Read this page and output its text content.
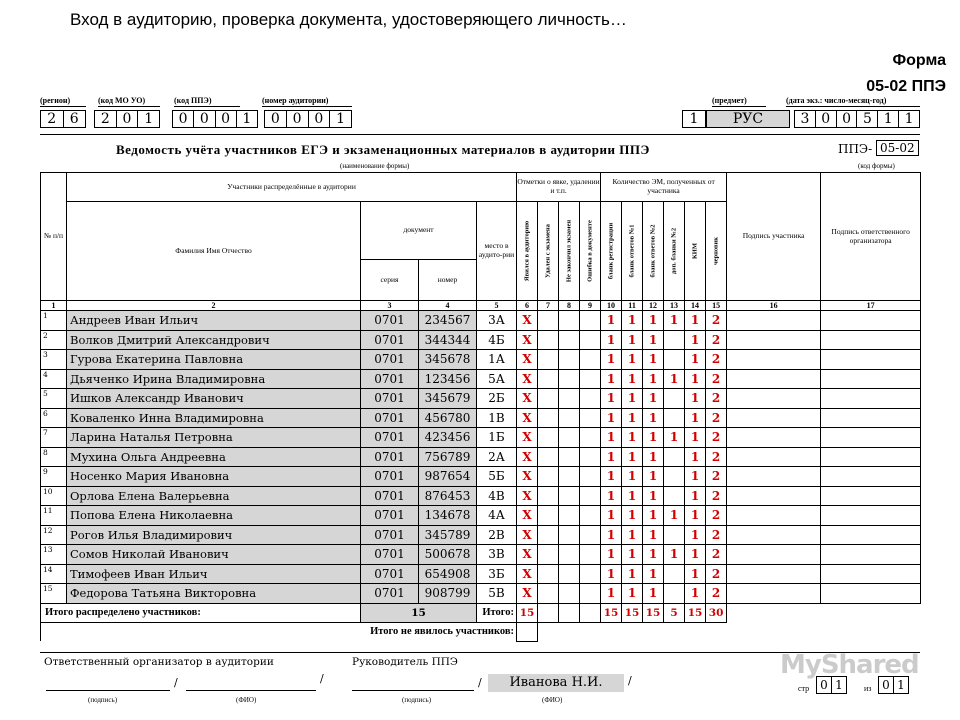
Вход в аудиторию, проверка документа, удостоверяющего личность…
Форма
05-02 ППЭ
(регион)	(код МО УО)	(код ППЭ)	(номер аудитории)	(предмет)	(дата экз.: число-месяц-год)
2 6	2 0 1	0 0 0 1	0 0 0 1	1	РУС	3 0 0 5 1 1
Ведомость учёта участников ЕГЭ и экзаменационных материалов в аудитории ППЭ
(наименование формы)
ППЭ- 05-02
(код формы)
№ п/п	Участники распределённые в аудитории				Отметки о явке, удалении и т.п.				Количество ЭМ, полученных от участника						Подпись участника	Подпись ответственного организатора
	Фамилия Имя Отчество	документ		место в аудито-рии	Явился в аудиторию	Удален с экзамена	Не закончил экзамен	Ошибка в документе	бланк регистрации	бланк ответов №1	бланк ответов №2	доп. бланки №2	КИМ	черновик		

		серия	номер													
1	2	3	4	5	6	7	8	9	10	11	12	13	14	15	16	17
1	Андреев Иван Ильич	0701	234567	3А	Х				1	1	1	1	1	2		
2	Волков Дмитрий Александрович	0701	344344	4Б	Х				1	1	1		1	2		
3	Гурова Екатерина Павловна	0701	345678	1А	Х				1	1	1		1	2		
4	Дьяченко Ирина Владимировна	0701	123456	5А	Х				1	1	1	1	1	2		
5	Ишков Александр Иванович	0701	345679	2Б	Х				1	1	1		1	2		
6	Коваленко Инна Владимировна	0701	456780	1В	Х				1	1	1		1	2		
7	Ларина Наталья Петровна	0701	423456	1Б	Х				1	1	1	1	1	2		
8	Мухина Ольга Андреевна	0701	756789	2А	Х				1	1	1		1	2		
9	Носенко Мария Ивановна	0701	987654	5Б	Х				1	1	1		1	2		
10	Орлова Елена Валерьевна	0701	876453	4В	Х				1	1	1		1	2		
11	Попова Елена Николаевна	0701	134678	4А	Х				1	1	1	1	1	2		
12	Рогов Илья Владимирович	0701	345789	2В	Х				1	1	1		1	2		
13	Сомов Николай Иванович	0701	500678	3В	Х				1	1	1	1	1	2		
14	Тимофеев Иван Ильич	0701	654908	3Б	Х				1	1	1		1	2		
15	Федорова Татьяна Викторовна	0701	908799	5В	Х				1	1	1		1	2		
Итого распределено участников:		15		Итого:	15				15	15	15	5	15	30		
Итого не явилось участников:																
Ответственный организатор в аудитории	Руководитель ППЭ
/	/	/	Иванова Н.И.	/
(подпись)	(ФИО)	(подпись)	(ФИО)
стр 0 1	из 0 1
MyShared
